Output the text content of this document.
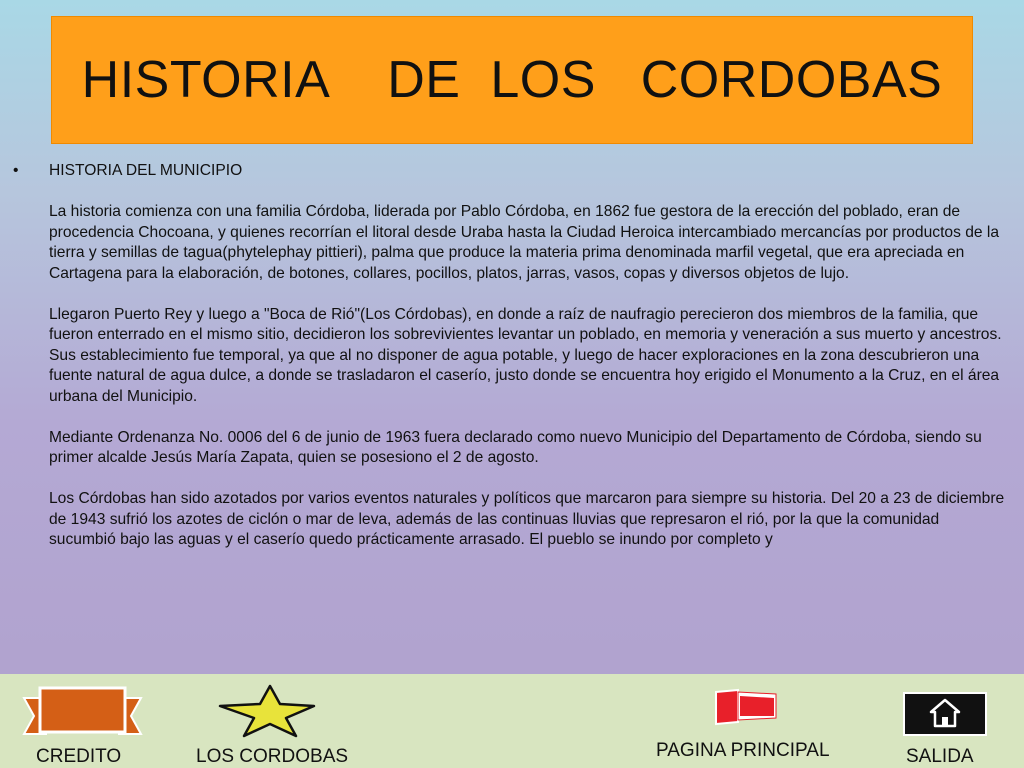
HISTORIA    DE  LOS   CORDOBAS
• HISTORIA DEL MUNICIPIO

La historia comienza con una familia Córdoba, liderada por Pablo Córdoba, en 1862 fue gestora de la erección del poblado, eran de procedencia Chocoana, y quienes recorrían el litoral desde Uraba hasta la Ciudad Heroica intercambiado mercancías por productos de la tierra y semillas de tagua(phytelephay pittieri), palma que produce la materia prima denominada marfil vegetal, que era apreciada en Cartagena para la elaboración, de botones, collares, pocillos, platos, jarras, vasos, copas y diversos objetos de lujo.

Llegaron Puerto Rey y luego a "Boca de Rió"(Los Córdobas), en donde a raíz de naufragio perecieron dos miembros de la familia, que fueron enterrado en el mismo sitio, decidieron los sobrevivientes levantar un poblado, en memoria y veneración a sus muerto y ancestros. Sus establecimiento fue temporal, ya que al no disponer de agua potable, y luego de hacer exploraciones en la zona descubrieron una fuente natural de agua dulce, a donde se trasladaron el caserío, justo donde se encuentra hoy erigido el Monumento a la Cruz, en el área urbana del Municipio.

Mediante Ordenanza No. 0006 del 6 de junio de 1963 fuera declarado como nuevo Municipio del Departamento de Córdoba, siendo su primer alcalde Jesús María Zapata, quien se posesiono el 2 de agosto.

Los Córdobas han sido azotados por varios eventos naturales y políticos que marcaron para siempre su historia. Del 20 a 23 de diciembre de 1943 sufrió los azotes de ciclón o mar de leva, además de las continuas lluvias que represaron el rió, por la que la comunidad sucumbió bajo las aguas y el caserío quedo prácticamente arrasado. El pueblo se inundo por completo y

CREDITO	LOS CORDOBAS	PAGINA PRINCIPAL	SALIDA
